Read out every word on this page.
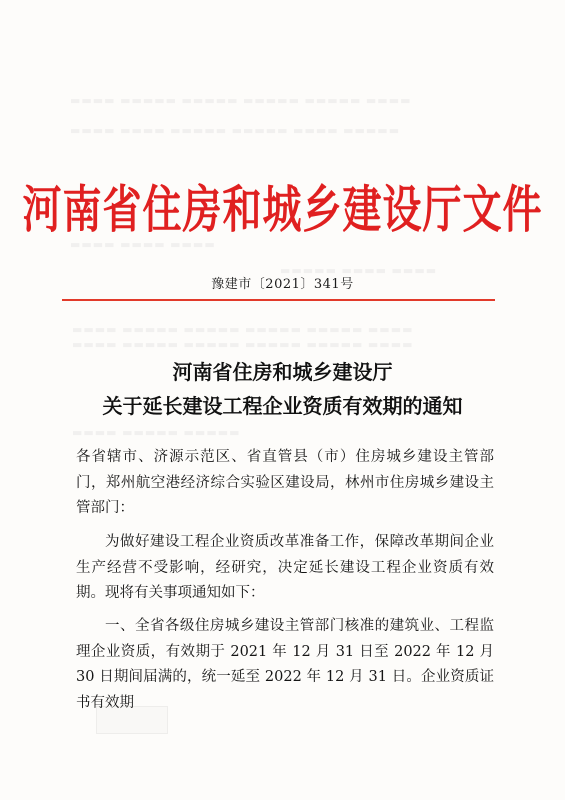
▬▬▬▬ ▬▬▬▬▬ ▬▬▬▬▬ ▬▬▬▬▬ ▬▬▬▬▬ ▬▬▬▬
▬▬▬▬ ▬▬▬▬ ▬▬▬▬▬ ▬▬▬▬▬ ▬▬▬▬ ▬▬▬▬▬
▬▬▬▬ ▬▬▬▬ ▬▬▬▬
▬▬▬▬▬ ▬▬▬▬ ▬▬▬▬
▬▬▬▬ ▬▬▬▬▬ ▬▬▬▬▬ ▬▬▬▬▬ ▬▬▬▬▬ ▬▬▬▬
▬▬▬▬ ▬▬▬▬▬ ▬▬▬▬▬ ▬▬▬▬▬ ▬▬▬▬▬ ▬▬▬▬
▬▬▬▬ ▬▬▬▬▬ ▬▬▬▬▬
河南省住房和城乡建设厅文件
豫建市〔2021〕341号
河南省住房和城乡建设厅
关于延长建设工程企业资质有效期的通知

各省辖市、济源示范区、省直管县（市）住房城乡建设主管部门，郑州航空港经济综合实验区建设局，林州市住房城乡建设主管部门：

为做好建设工程企业资质改革准备工作，保障改革期间企业生产经营不受影响，经研究，决定延长建设工程企业资质有效期。现将有关事项通知如下：

一、全省各级住房城乡建设主管部门核准的建筑业、工程监理企业资质，有效期于 2021 年 12 月 31 日至 2022 年 12 月 30 日期间届满的，统一延至 2022 年 12 月 31 日。企业资质证书有效期
